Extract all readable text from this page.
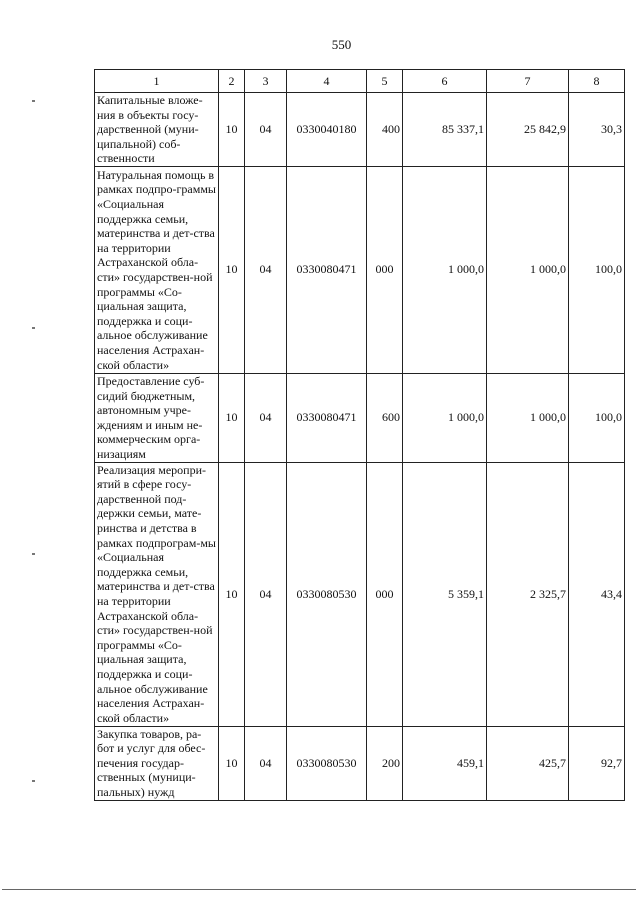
550
1	2	3	4	5	6	7	8
Капитальные вложе-ния в объекты госу-дарственной (муни-ципальной) соб-ственности	10	04	0330040180	400	85 337,1	25 842,9	30,3
Натуральная помощь в рамках подпро-граммы «Социальная поддержка семьи, материнства и дет-ства на территории Астраханской обла-сти» государствен-ной программы «Со-циальная защита, поддержка и соци-альное обслуживание населения Астрахан-ской области»	10	04	0330080471	000	1 000,0	1 000,0	100,0
Предоставление суб-сидий бюджетным, автономным учре-ждениям и иным не-коммерческим орга-низациям	10	04	0330080471	600	1 000,0	1 000,0	100,0
Реализация меропри-ятий в сфере госу-дарственной под-держки семьи, мате-ринства и детства в рамках подпрограм-мы «Социальная поддержка семьи, материнства и дет-ства на территории Астраханской обла-сти» государствен-ной программы «Со-циальная защита, поддержка и соци-альное обслуживание населения Астрахан-ской области»	10	04	0330080530	000	5 359,1	2 325,7	43,4
Закупка товаров, ра-бот и услуг для обес-печения государ-ственных (муници-пальных) нужд	10	04	0330080530	200	459,1	425,7	92,7
